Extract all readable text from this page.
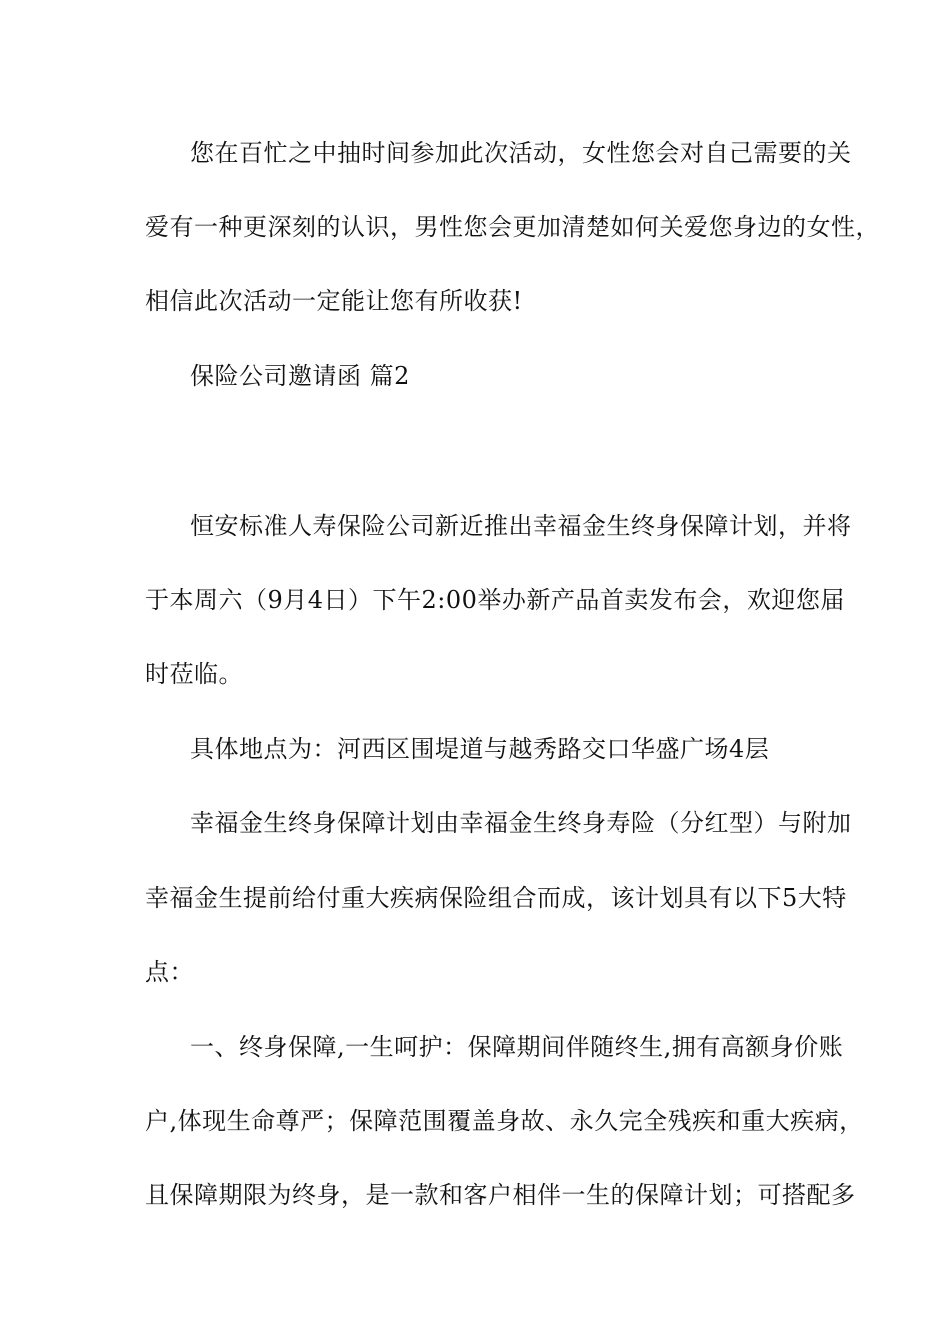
您在百忙之中抽时间参加此次活动，女性您会对自己需要的关
爱有一种更深刻的认识，男性您会更加清楚如何关爱您身边的女性，
相信此次活动一定能让您有所收获!
保险公司邀请函 篇2
恒安标准人寿保险公司新近推出幸福金生终身保障计划，并将
于本周六（9月4日）下午2:00举办新产品首卖发布会，欢迎您届
时莅临。
具体地点为：河西区围堤道与越秀路交口华盛广场4层
幸福金生终身保障计划由幸福金生终身寿险（分红型）与附加
幸福金生提前给付重大疾病保险组合而成，该计划具有以下5大特
点：
一、终身保障,一生呵护：保障期间伴随终生,拥有高额身价账
户,体现生命尊严；保障范围覆盖身故、永久完全残疾和重大疾病，
且保障期限为终身，是一款和客户相伴一生的保障计划；可搭配多
